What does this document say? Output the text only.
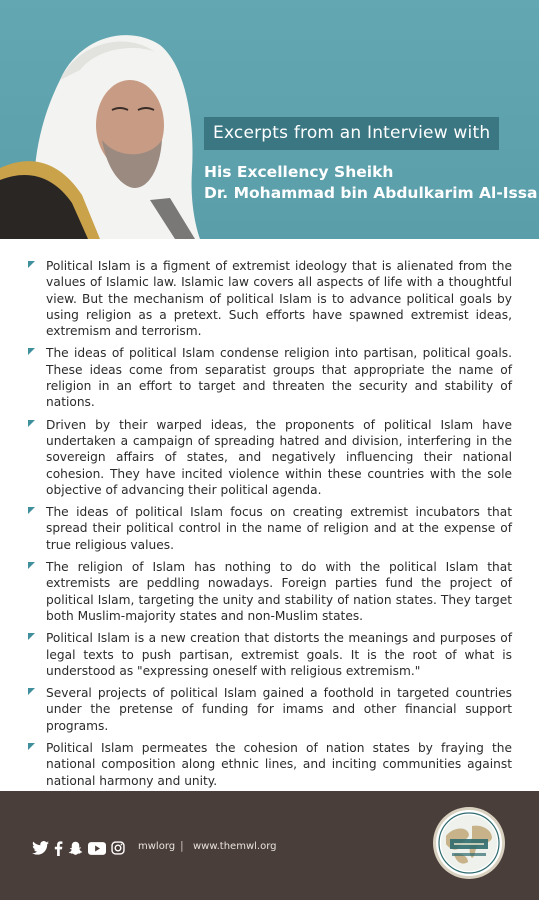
Excerpts from an Interview with
His Excellency Sheikh
Dr. Mohammad bin Abdulkarim Al-Issa
Political Islam is a figment of extremist ideology that is alienated from the values of Islamic law. Islamic law covers all aspects of life with a thoughtful view. But the mechanism of political Islam is to advance political goals by using religion as a pretext. Such efforts have spawned extremist ideas, extremism and terrorism.
The ideas of political Islam condense religion into partisan, political goals. These ideas come from separatist groups that appropriate the name of religion in an effort to target and threaten the security and stability of nations.
Driven by their warped ideas, the proponents of political Islam have undertaken a campaign of spreading hatred and division, interfering in the sovereign affairs of states, and negatively influencing their national cohesion. They have incited violence within these countries with the sole objective of advancing their political agenda.
The ideas of political Islam focus on creating extremist incubators that spread their political control in the name of religion and at the expense of true religious values.
The religion of Islam has nothing to do with the political Islam that extremists are peddling nowadays. Foreign parties fund the project of political Islam, targeting the unity and stability of nation states. They target both Muslim-majority states and non-Muslim states.
Political Islam is a new creation that distorts the meanings and purposes of legal texts to push partisan, extremist goals. It is the root of what is understood as "expressing oneself with religious extremism."
Several projects of political Islam gained a foothold in targeted countries under the pretense of funding for imams and other financial support programs.
Political Islam permeates the cohesion of nation states by fraying the national composition along ethnic lines, and inciting communities against national harmony and unity.
mwlorg | www.themwl.org
